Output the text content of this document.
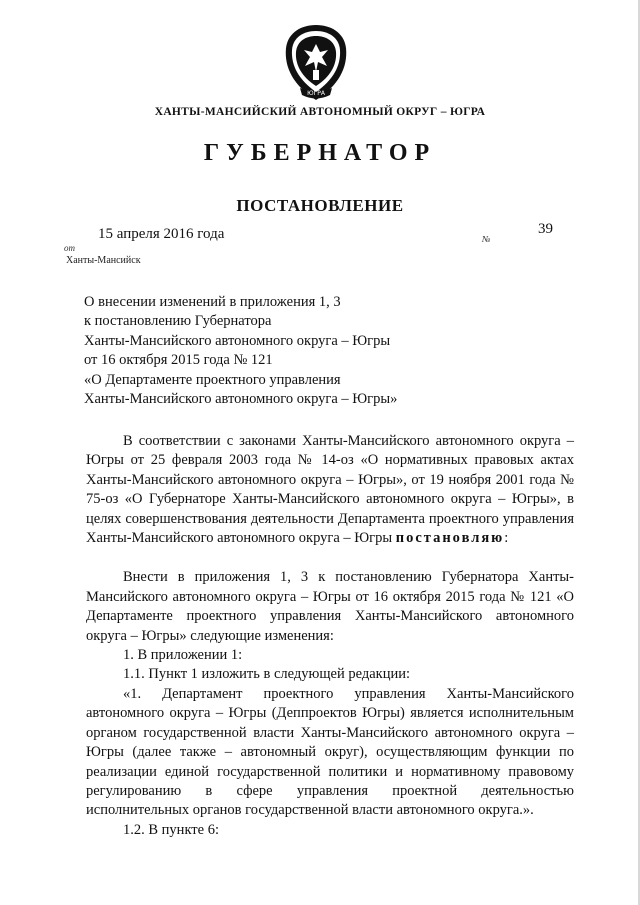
ЮГРА
ХАНТЫ-МАНСИЙСКИЙ АВТОНОМНЫЙ ОКРУГ – ЮГРА
ГУБЕРНАТОР
ПОСТАНОВЛЕНИЕ
от
15 апреля 2016 года	№
39
Ханты-Мансийск
О внесении изменений в приложения 1, 3
к постановлению Губернатора
Ханты-Мансийского автономного округа – Югры
от 16 октября 2015 года № 121
«О Департаменте проектного управления
Ханты-Мансийского автономного округа – Югры»

В соответствии с законами Ханты-Мансийского автономного округа – Югры от 25 февраля 2003 года № 14-оз «О нормативных правовых актах Ханты-Мансийского автономного округа – Югры», от 19 ноября 2001 года № 75-оз «О Губернаторе Ханты-Мансийского автономного округа – Югры», в целях совершенствования деятельности Департамента проектного управления Ханты-Мансийского автономного округа – Югры постановляю:

Внести в приложения 1, 3 к постановлению Губернатора Ханты-Мансийского автономного округа – Югры от 16 октября 2015 года № 121 «О Департаменте проектного управления Ханты-Мансийского автономного округа – Югры» следующие изменения:

1. В приложении 1:

1.1. Пункт 1 изложить в следующей редакции:

«1. Департамент проектного управления Ханты-Мансийского автономного округа – Югры (Деппроектов Югры) является исполнительным органом государственной власти Ханты-Мансийского автономного округа – Югры (далее также – автономный округ), осуществляющим функции по реализации единой государственной политики и нормативному правовому регулированию в сфере управления проектной деятельностью исполнительных органов государственной власти автономного округа.».

1.2. В пункте 6:
